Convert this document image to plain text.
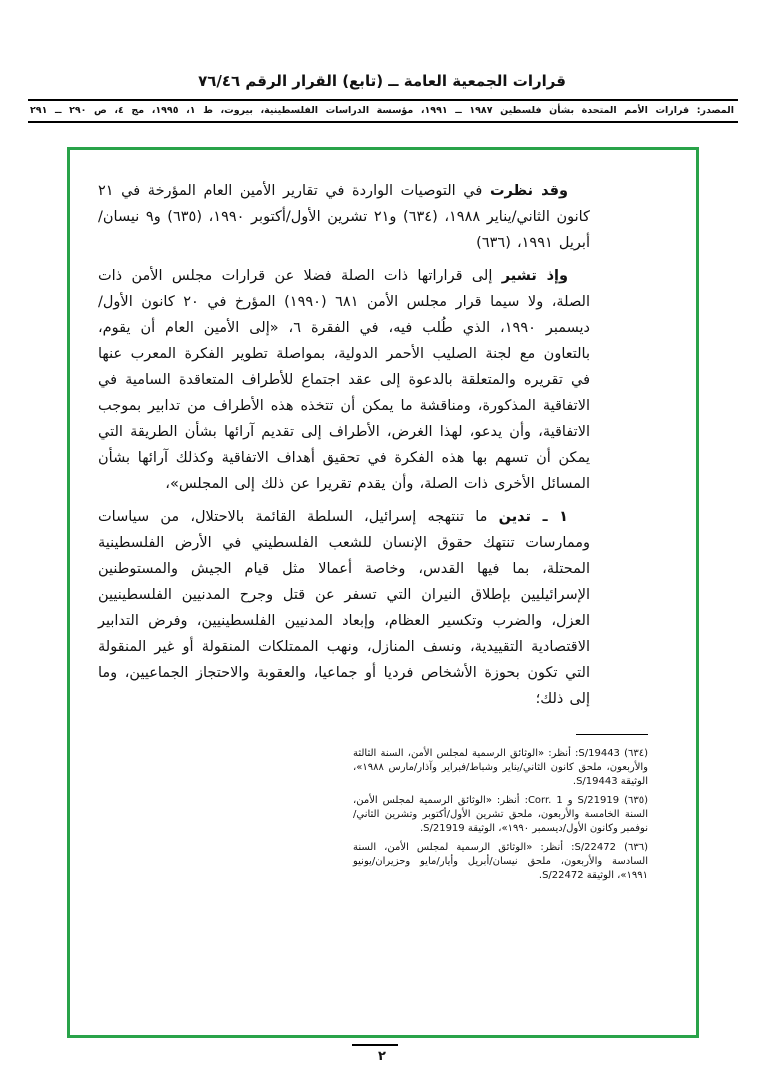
قرارات الجمعية العامة ــ (تابع) القرار الرقم ٧٦/٤٦
المصدر: قرارات الأمم المتحدة بشأن فلسطين ١٩٨٧ ــ ١٩٩١، مؤسسة الدراسات الفلسطينية، بيروت، ط ١، ١٩٩٥، مج ٤، ص ٢٩٠ ــ ٢٩١

وقد نظرت في التوصيات الواردة في تقارير الأمين العام المؤرخة في ٢١ كانون الثاني/يناير ١٩٨٨، (٦٣٤) و٢١ تشرين الأول/أكتوبر ١٩٩٠، (٦٣٥) و٩ نيسان/أبريل ١٩٩١، (٦٣٦)

وإذ تشير إلى قراراتها ذات الصلة فضلا عن قرارات مجلس الأمن ذات الصلة، ولا سيما قرار مجلس الأمن ٦٨١ (١٩٩٠) المؤرخ في ٢٠ كانون الأول/ديسمبر ١٩٩٠، الذي طُلب فيه، في الفقرة ٦، «إلى الأمين العام أن يقوم، بالتعاون مع لجنة الصليب الأحمر الدولية، بمواصلة تطوير الفكرة المعرب عنها في تقريره والمتعلقة بالدعوة إلى عقد اجتماع للأطراف المتعاقدة السامية في الاتفاقية المذكورة، ومناقشة ما يمكن أن تتخذه هذه الأطراف من تدابير بموجب الاتفاقية، وأن يدعو، لهذا الغرض، الأطراف إلى تقديم آرائها بشأن الطريقة التي يمكن أن تسهم بها هذه الفكرة في تحقيق أهداف الاتفاقية وكذلك آرائها بشأن المسائل الأخرى ذات الصلة، وأن يقدم تقريرا عن ذلك إلى المجلس»،

١ ـ تدين ما تنتهجه إسرائيل، السلطة القائمة بالاحتلال، من سياسات وممارسات تنتهك حقوق الإنسان للشعب الفلسطيني في الأرض الفلسطينية المحتلة، بما فيها القدس، وخاصة أعمالا مثل قيام الجيش والمستوطنين الإسرائيليين بإطلاق النيران التي تسفر عن قتل وجرح المدنيين الفلسطينيين العزل، والضرب وتكسير العظام، وإبعاد المدنيين الفلسطينيين، وفرض التدابير الاقتصادية التقييدية، ونسف المنازل، ونهب الممتلكات المنقولة أو غير المنقولة التي تكون بحوزة الأشخاص فرديا أو جماعيا، والعقوبة والاحتجاز الجماعيين، وما إلى ذلك؛

(٦٣٤) S/19443: أنظر: «الوثائق الرسمية لمجلس الأمن، السنة الثالثة والأربعون، ملحق كانون الثاني/يناير وشباط/فبراير وآذار/مارس ١٩٨٨»، الوثيقة S/19443.

(٦٣٥) S/21919 و Corr. 1: أنظر: «الوثائق الرسمية لمجلس الأمن، السنة الخامسة والأربعون، ملحق تشرين الأول/أكتوبر وتشرين الثاني/نوفمبر وكانون الأول/ديسمبر ١٩٩٠»، الوثيقة S/21919.

(٦٣٦) S/22472: أنظر: «الوثائق الرسمية لمجلس الأمن، السنة السادسة والأربعون، ملحق نيسان/أبريل وأيار/مايو وحزيران/يونيو ١٩٩١»، الوثيقة S/22472.

٢
